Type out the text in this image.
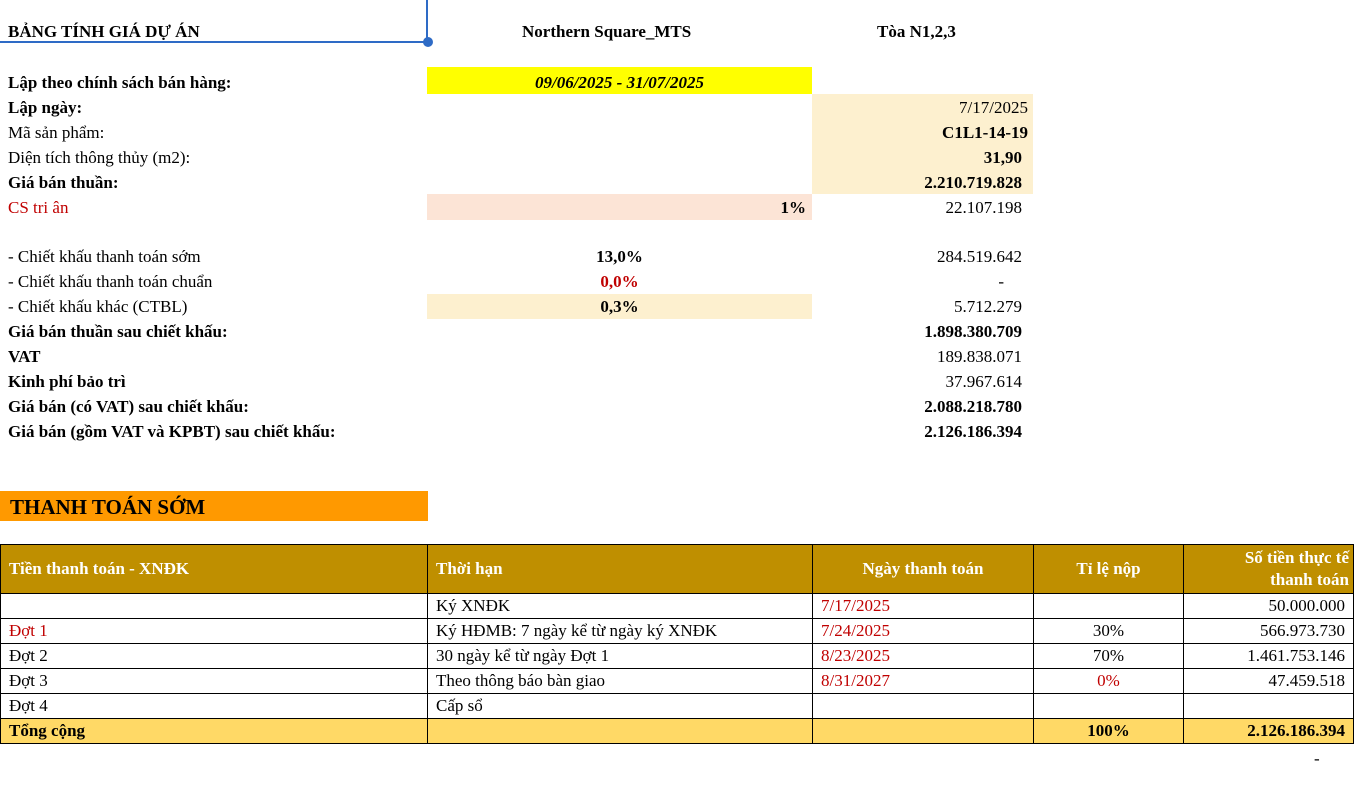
BẢNG TÍNH GIÁ DỰ ÁN	Northern Square_MTS	Tòa N1,2,3
Lập theo chính sách bán hàng:	09/06/2025 - 31/07/2025
Lập ngày:	7/17/2025
Mã sản phẩm:	C1L1-14-19
Diện tích thông thủy (m2):	31,90
Giá bán thuần:	2.210.719.828
CS tri ân	1%	22.107.198
- Chiết khấu thanh toán sớm	13,0%	284.519.642
- Chiết khấu thanh toán chuẩn	0,0%	-
- Chiết khấu khác (CTBL)	0,3%	5.712.279
Giá bán thuần sau chiết khấu:	1.898.380.709
VAT	189.838.071
Kinh phí bảo trì	37.967.614
Giá bán (có VAT) sau chiết khấu:	2.088.218.780
Giá bán (gồm VAT và KPBT) sau chiết khấu:	2.126.186.394
THANH TOÁN SỚM
Tiền thanh toán - XNĐK	Thời hạn	Ngày thanh toán	Tỉ lệ nộp	Số tiền thực tế
thanh toán
	Ký XNĐK	7/17/2025		50.000.000
Đợt 1	Ký HĐMB: 7 ngày kể từ ngày ký XNĐK	7/24/2025	30%	566.973.730
Đợt 2	30 ngày kể từ ngày Đợt 1	8/23/2025	70%	1.461.753.146
Đợt 3	Theo thông báo bàn giao	8/31/2027	0%	47.459.518
Đợt 4	Cấp sổ			
Tổng cộng			100%	2.126.186.394
-
